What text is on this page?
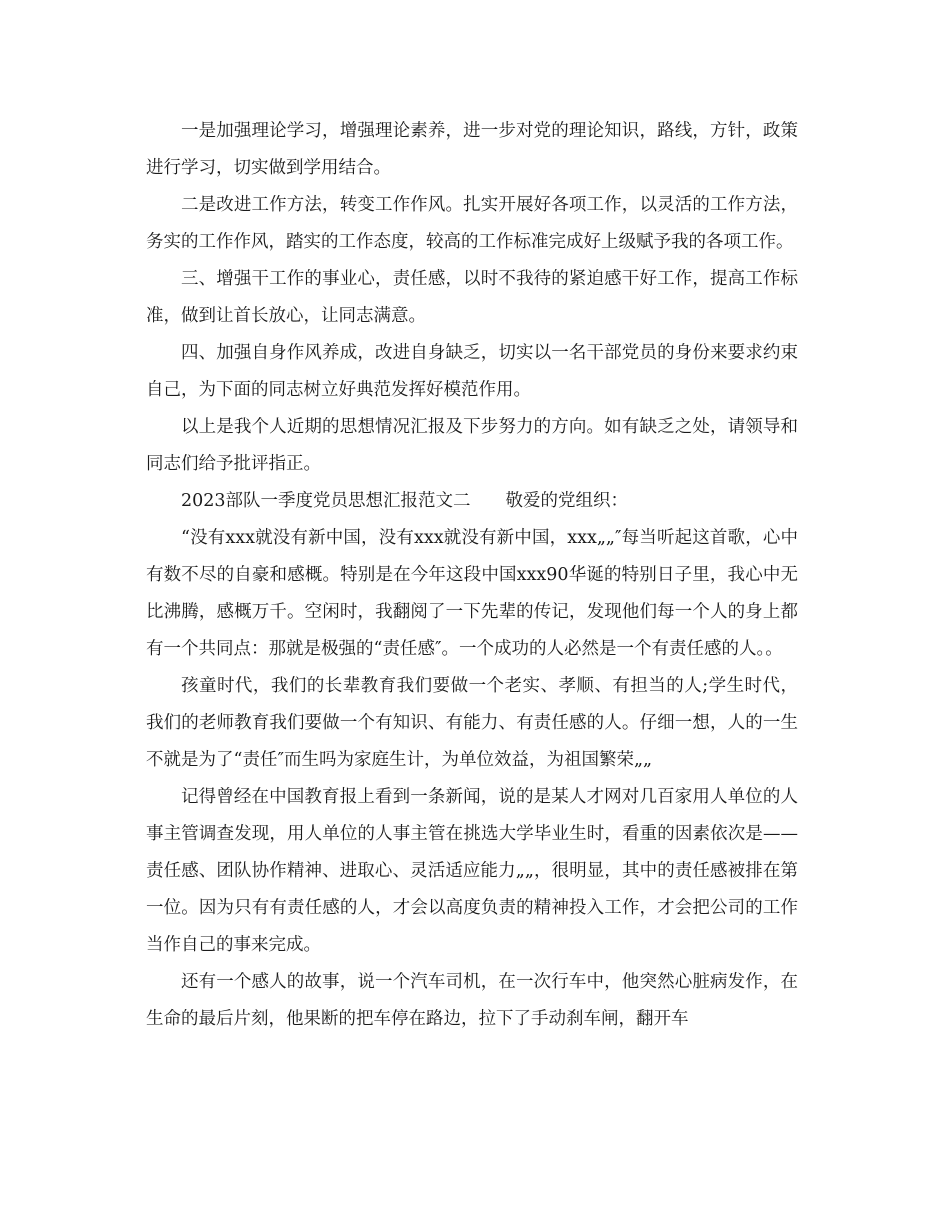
一是加强理论学习，增强理论素养，进一步对党的理论知识，路线，方针，政策进行学习，切实做到学用结合。

二是改进工作方法，转变工作作风。扎实开展好各项工作，以灵活的工作方法，务实的工作作风，踏实的工作态度，较高的工作标准完成好上级赋予我的各项工作。

三、增强干工作的事业心，责任感，以时不我待的紧迫感干好工作，提高工作标准，做到让首长放心，让同志满意。

四、加强自身作风养成，改进自身缺乏，切实以一名干部党员的身份来要求约束自己，为下面的同志树立好典范发挥好模范作用。

以上是我个人近期的思想情况汇报及下步努力的方向。如有缺乏之处，请领导和同志们给予批评指正。

2023部队一季度党员思想汇报范文二　　敬爱的党组织：

“没有xxx就没有新中国，没有xxx就没有新中国，xxx„„″每当听起这首歌，心中有数不尽的自豪和感概。特别是在今年这段中国xxx90华诞的特别日子里，我心中无比沸腾，感概万千。空闲时，我翻阅了一下先辈的传记，发现他们每一个人的身上都有一个共同点：那就是极强的“责任感″。一个成功的人必然是一个有责任感的人。。

孩童时代，我们的长辈教育我们要做一个老实、孝顺、有担当的人;学生时代，我们的老师教育我们要做一个有知识、有能力、有责任感的人。仔细一想，人的一生不就是为了“责任″而生吗为家庭生计，为单位效益，为祖国繁荣„„

记得曾经在中国教育报上看到一条新闻，说的是某人才网对几百家用人单位的人事主管调查发现，用人单位的人事主管在挑选大学毕业生时，看重的因素依次是——责任感、团队协作精神、进取心、灵活适应能力„„，很明显，其中的责任感被排在第一位。因为只有有责任感的人，才会以高度负责的精神投入工作，才会把公司的工作当作自己的事来完成。

还有一个感人的故事，说一个汽车司机，在一次行车中，他突然心脏病发作，在生命的最后片刻，他果断的把车停在路边，拉下了手动刹车闸，翻开车
